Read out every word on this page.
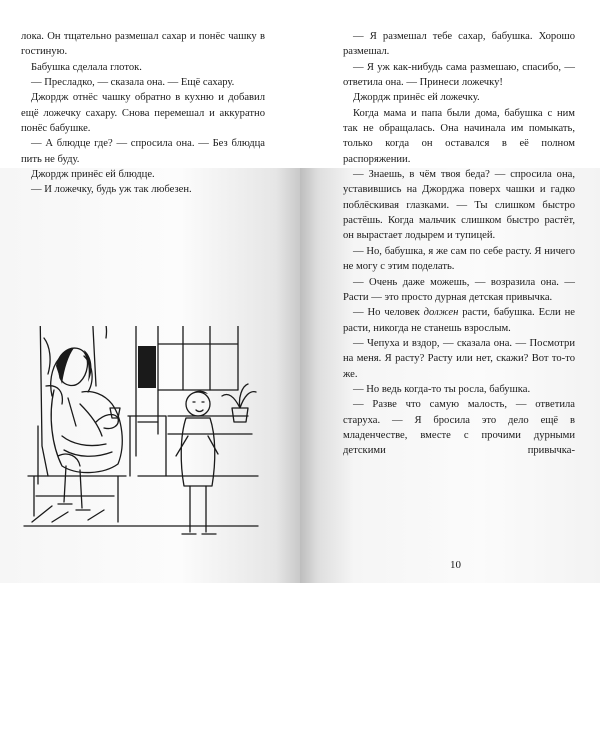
лока. Он тщательно размешал сахар и понёс чашку в гостиную.

Бабушка сделала глоток.

— Пресладко, — сказала она. — Ещё сахару.

Джордж отнёс чашку обратно в кухню и добавил ещё ложечку сахару. Снова перемешал и аккуратно понёс бабушке.

— А блюдце где? — спросила она. — Без блюдца пить не буду.

Джордж принёс ей блюдце.

— И ложечку, будь уж так любезен.

— Я размешал тебе сахар, бабушка. Хорошо размешал.

— Я уж как-нибудь сама размешаю, спасибо, — ответила она. — Принеси ложечку!

Джордж принёс ей ложечку.

Когда мама и папа были дома, бабушка с ним так не обращалась. Она начинала им помыкать, только когда он оставался в её полном распоряжении.

— Знаешь, в чём твоя беда? — спросила она, уставившись на Джорджа поверх чашки и гадко поблёскивая глазками. — Ты слишком быстро растёшь. Когда мальчик слишком быстро растёт, он вырастает лодырем и тупицей.

— Но, бабушка, я же сам по себе расту. Я ничего не могу с этим поделать.

— Очень даже можешь, — возразила она. — Расти — это просто дурная детская привычка.

— Но человек должен расти, бабушка. Если не расти, никогда не станешь взрослым.

— Чепуха и вздор, — сказала она. — Посмотри на меня. Я расту? Расту или нет, скажи? Вот то-то же.

— Но ведь когда-то ты росла, бабушка.

— Разве что самую малость, — ответила старуха. — Я бросила это дело ещё в младенчестве, вместе с прочими дурными детскими привычка-

10
